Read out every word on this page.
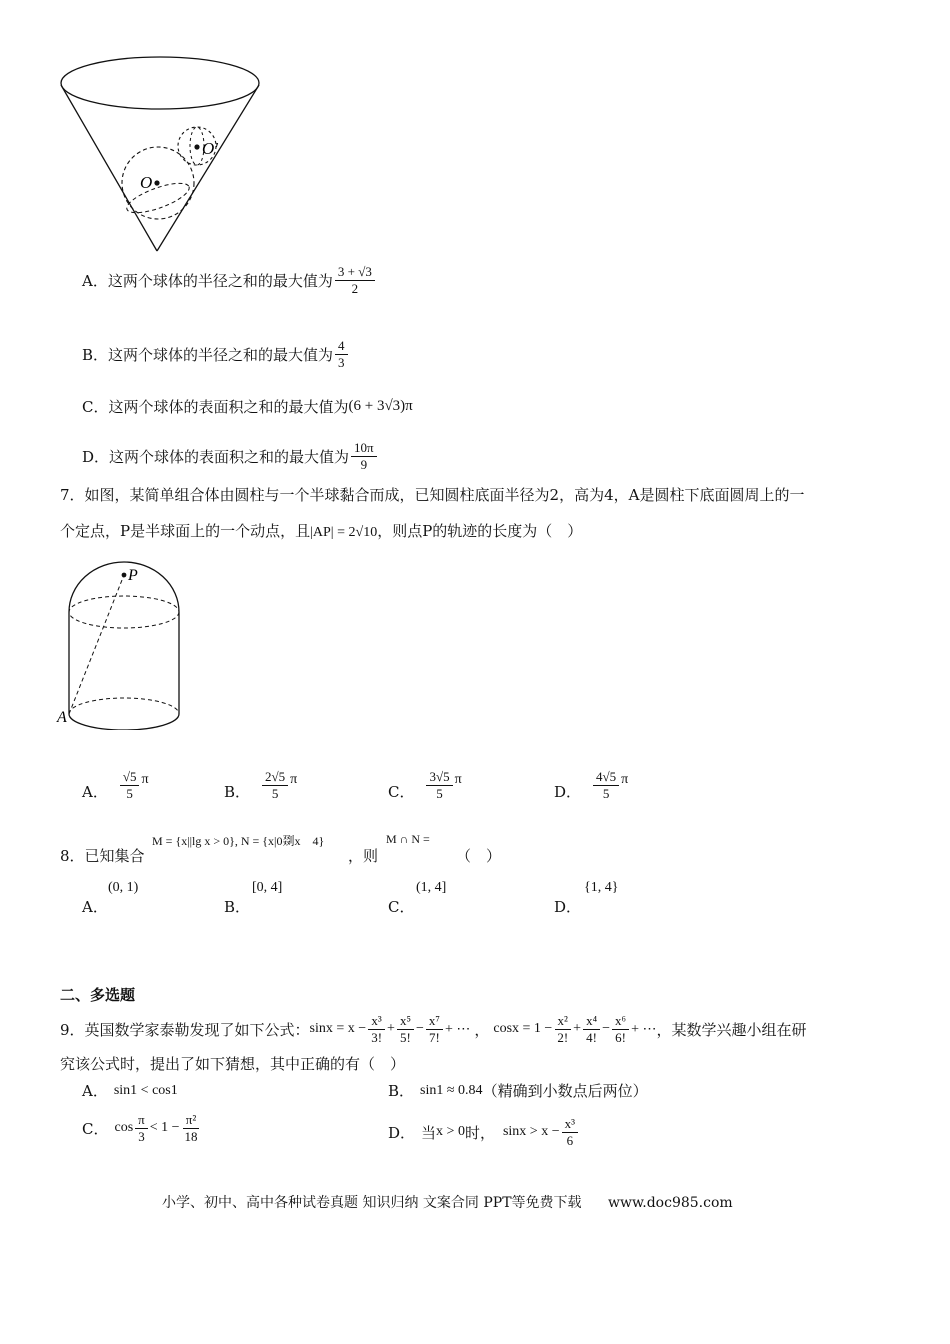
O
O'
A． 这两个球体的半径之和的最大值为 $\frac{3 + √3}{2}$
B． 这两个球体的半径之和的最大值为 $\frac{4}{3}$
C． 这两个球体的表面积之和的最大值为 (6 + 3√3)π
D． 这两个球体的表面积之和的最大值为 $\frac{10\pi}{9}$
7．如图，某简单组合体由圆柱与一个半球黏合而成，已知圆柱底面半径为2，高为4，A是圆柱下底面圆周上的一
个定点，P是半球面上的一个动点，且|AP| = 2√10，则点P的轨迹的长度为（　）
P
A
A． $\frac{√5}{5}$ π
B． $\frac{2√5}{5}$ π
C． $\frac{3√5}{5}$ π
D． $\frac{4√5}{5}$ π
8．已知集合
M = {x||lg x > 0}, N = {x|0剟x　4}
，则
M ∩ N =
（　）
A．
(0, 1)
B．
[0, 4]
C．
(1, 4]
D．
{1, 4}
二、多选题
9．英国数学家泰勒发现了如下公式： $\sin x = x - \frac{\text{x³}}{3!} + \frac{\text{x⁵}}{5!} - \frac{\text{x⁷}}{7!}$ + ⋯ ， $\cos x = 1 - \frac{\text{x²}}{2!} + \frac{\text{x⁴}}{4!} - \frac{\text{x⁶}}{6!}$ + ⋯ ，某数学兴趣小组在研
究该公式时，提出了如下猜想，其中正确的有（　）
A． sin1 < cos1	B． sin1 ≈ 0.84 （精确到小数点后两位）
C． $\cos \frac{\pi}{3} < 1 - \frac{\text{π²}}{18}$	D． 当 x > 0 时， $\sin x > x - \frac{\text{x³}}{6}$
小学、初中、高中各种试卷真题 知识归纳 文案合同 PPT等免费下载 www.doc985.com
